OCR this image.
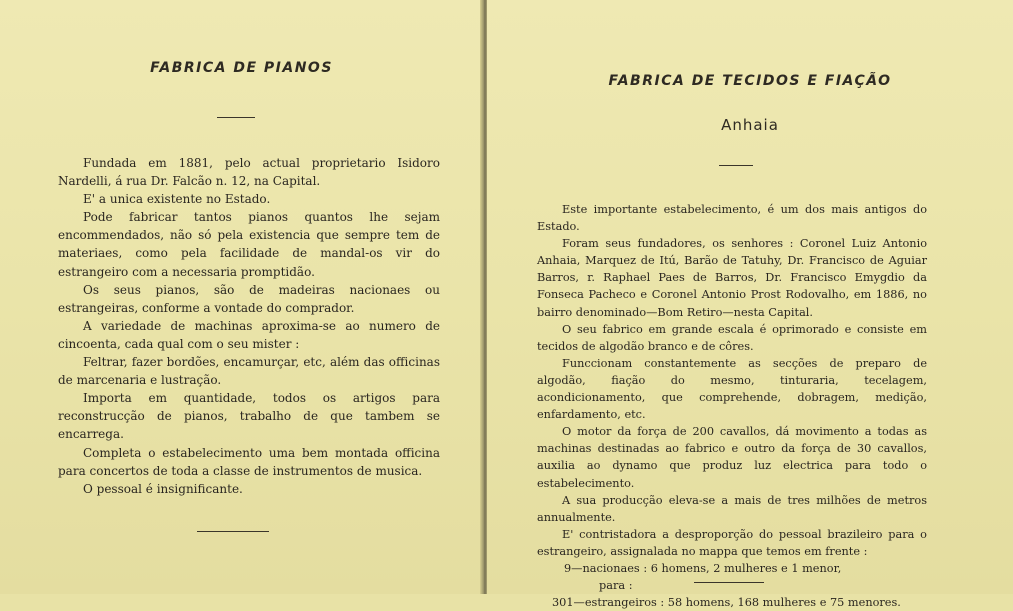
FABRICA DE PIANOS

Fundada em 1881, pelo actual proprietario Isidoro Nardelli, á rua Dr. Falcão n. 12, na Capital.

E' a unica existente no Estado.

Pode fabricar tantos pianos quantos lhe sejam encommendados, não só pela existencia que sempre tem de materiaes, como pela facilidade de mandal-os vir do estrangeiro com a necessaria promptidão.

Os seus pianos, são de madeiras nacionaes ou estrangeiras, conforme a vontade do comprador.

A variedade de machinas aproxima-se ao numero de cincoenta, cada qual com o seu mister :

Feltrar, fazer bordões, encamurçar, etc, além das officinas de marcenaria e lustração.

Importa em quantidade, todos os artigos para reconstrucção de pianos, trabalho de que tambem se encarrega.

Completa o estabelecimento uma bem montada officina para concertos de toda a classe de instrumentos de musica.

O pessoal é insignificante.

FABRICA DE TECIDOS E FIAÇÃO
Anhaia

Este importante estabelecimento, é um dos mais antigos do Estado.

Foram seus fundadores, os senhores : Coronel Luiz Antonio Anhaia, Marquez de Itú, Barão de Tatuhy, Dr. Francisco de Aguiar Barros, r. Raphael Paes de Barros, Dr. Francisco Emygdio da Fonseca Pacheco e Coronel Antonio Prost Rodovalho, em 1886, no bairro denominado—Bom Retiro—nesta Capital.

O seu fabrico em grande escala é oprimorado e consiste em tecidos de algodão branco e de côres.

Funccionam constantemente as secções de preparo de algodão, fiação do mesmo, tinturaria, tecelagem, acondicionamento, que comprehende, dobragem, medição, enfardamento, etc.

O motor da força de 200 cavallos, dá movimento a todas as machinas destinadas ao fabrico e outro da força de 30 cavallos, auxilia ao dynamo que produz luz electrica para todo o estabelecimento.

A sua producção eleva-se a mais de tres milhões de metros annualmente.

E' contristadora a desproporção do pessoal brazileiro para o estrangeiro, assignalada no mappa que temos em frente :

9—nacionaes : 6 homens, 2 mulheres e 1 menor,

para :

301—estrangeiros : 58 homens, 168 mulheres e 75 menores.
